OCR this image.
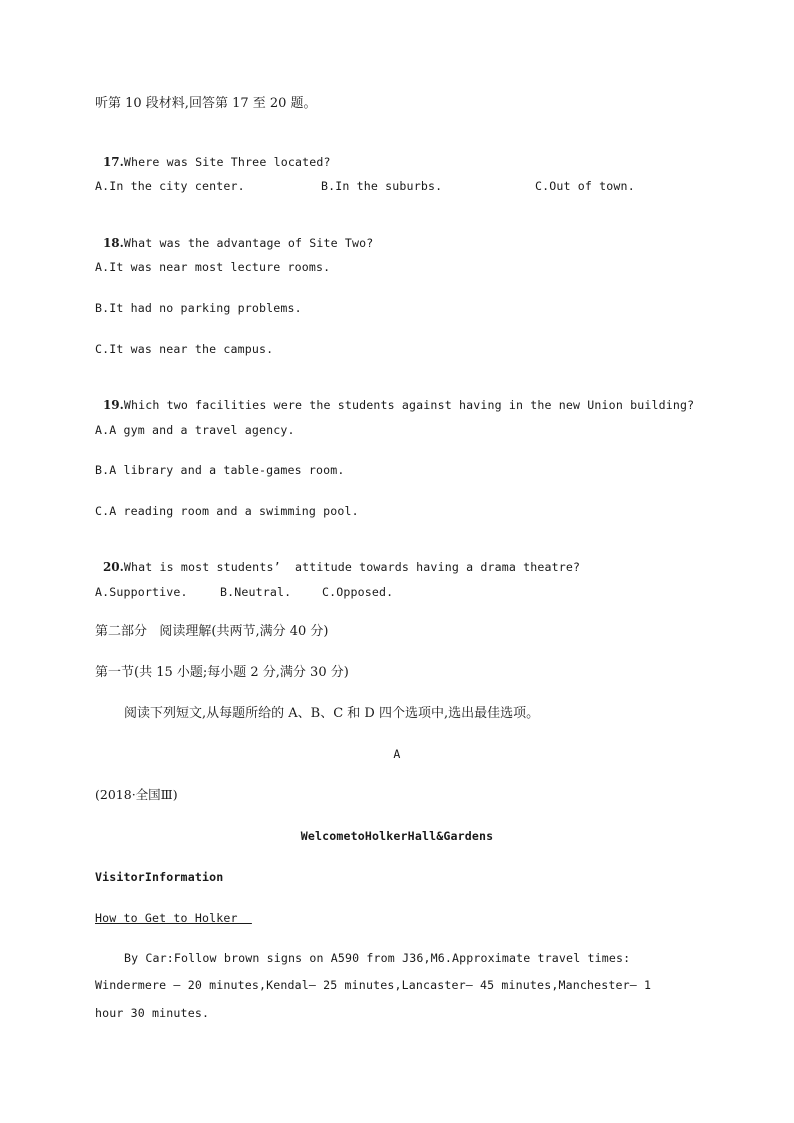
听第 10 段材料,回答第 17 至 20 题。

17.Where was Site Three located?

A.In the city center.	B.In the suburbs.	C.Out of town.

18.What was the advantage of Site Two?

A.It was near most lecture rooms.
B.It had no parking problems.
C.It was near the campus.

19.Which two facilities were the students against having in the new Union building?

A.A gym and a travel agency.
B.A library and a table-games room.
C.A reading room and a swimming pool.

20.What is most students’  attitude towards having a drama theatre?

A.Supportive.	B.Neutral.	C.Opposed.
第二部分   阅读理解(共两节,满分 40 分)
第一节(共 15 小题;每小题 2 分,满分 30 分)
阅读下列短文,从每题所给的 A、B、C 和 D 四个选项中,选出最佳选项。
A
(2018·全国Ⅲ)
WelcometoHolkerHall&Gardens
VisitorInformation
How to Get to Holker
By Car:Follow brown signs on A590 from J36,M6.Approximate travel times:
Windermere — 20 minutes,Kendal— 25 minutes,Lancaster— 45 minutes,Manchester— 1
hour 30 minutes.
